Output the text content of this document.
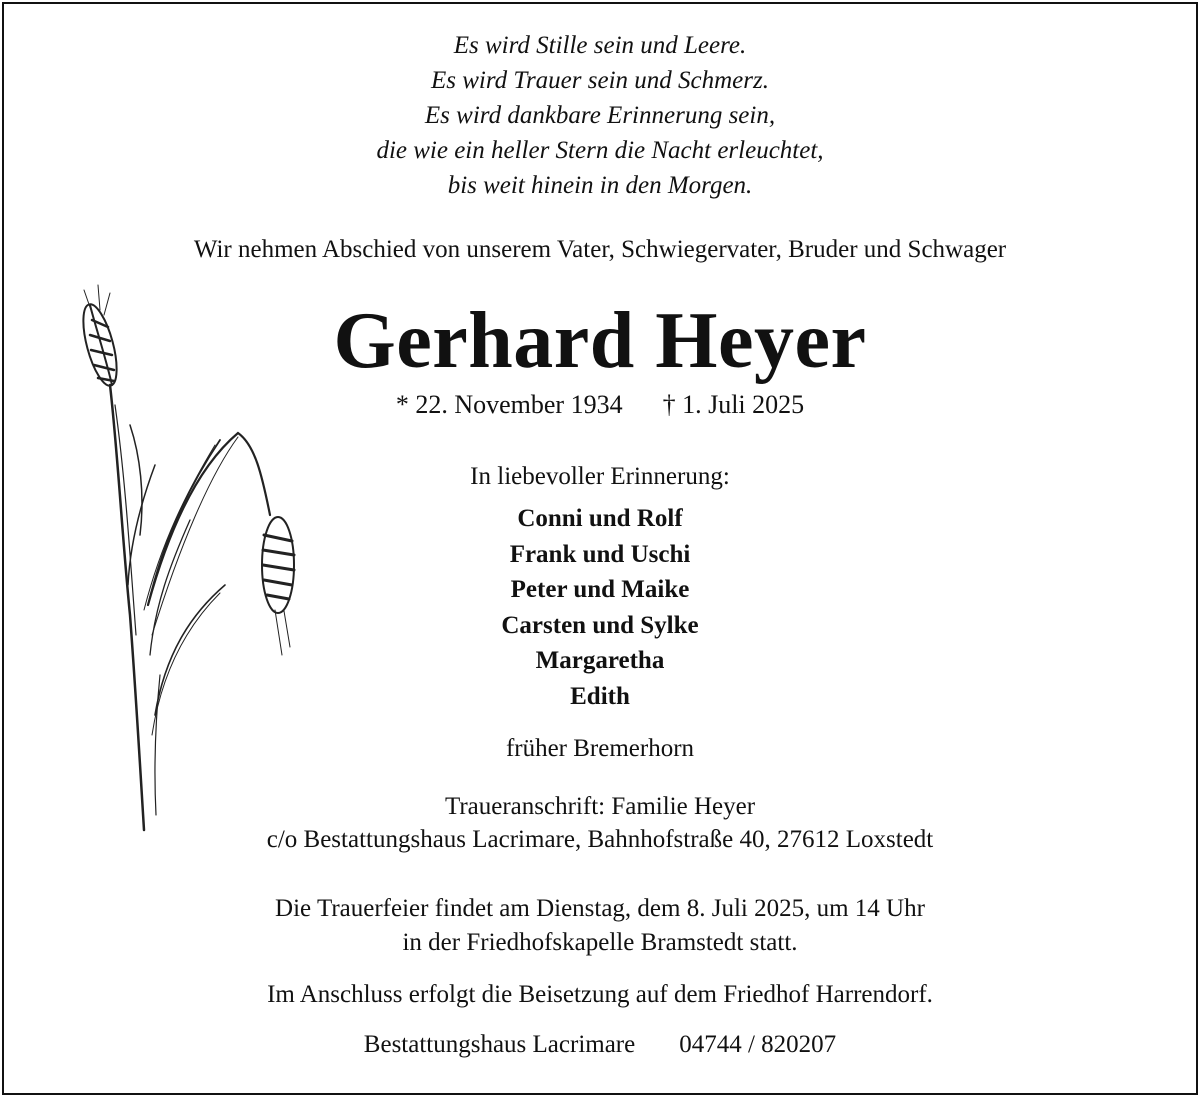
Es wird Stille sein und Leere.
Es wird Trauer sein und Schmerz.
Es wird dankbare Erinnerung sein,
die wie ein heller Stern die Nacht erleuchtet,
bis weit hinein in den Morgen.
Wir nehmen Abschied von unserem Vater, Schwiegervater, Bruder und Schwager
Gerhard Heyer
* 22. November 1934 † 1. Juli 2025
In liebevoller Erinnerung:
Conni und Rolf
Frank und Uschi
Peter und Maike
Carsten und Sylke
Margaretha
Edith
früher Bremerhorn
Traueranschrift: Familie Heyer
c/o Bestattungshaus Lacrimare, Bahnhofstraße 40, 27612 Loxstedt
Die Trauerfeier findet am Dienstag, dem 8. Juli 2025, um 14 Uhr
in der Friedhofskapelle Bramstedt statt.
Im Anschluss erfolgt die Beisetzung auf dem Friedhof Harrendorf.
Bestattungshaus Lacrimare 04744 / 820207
